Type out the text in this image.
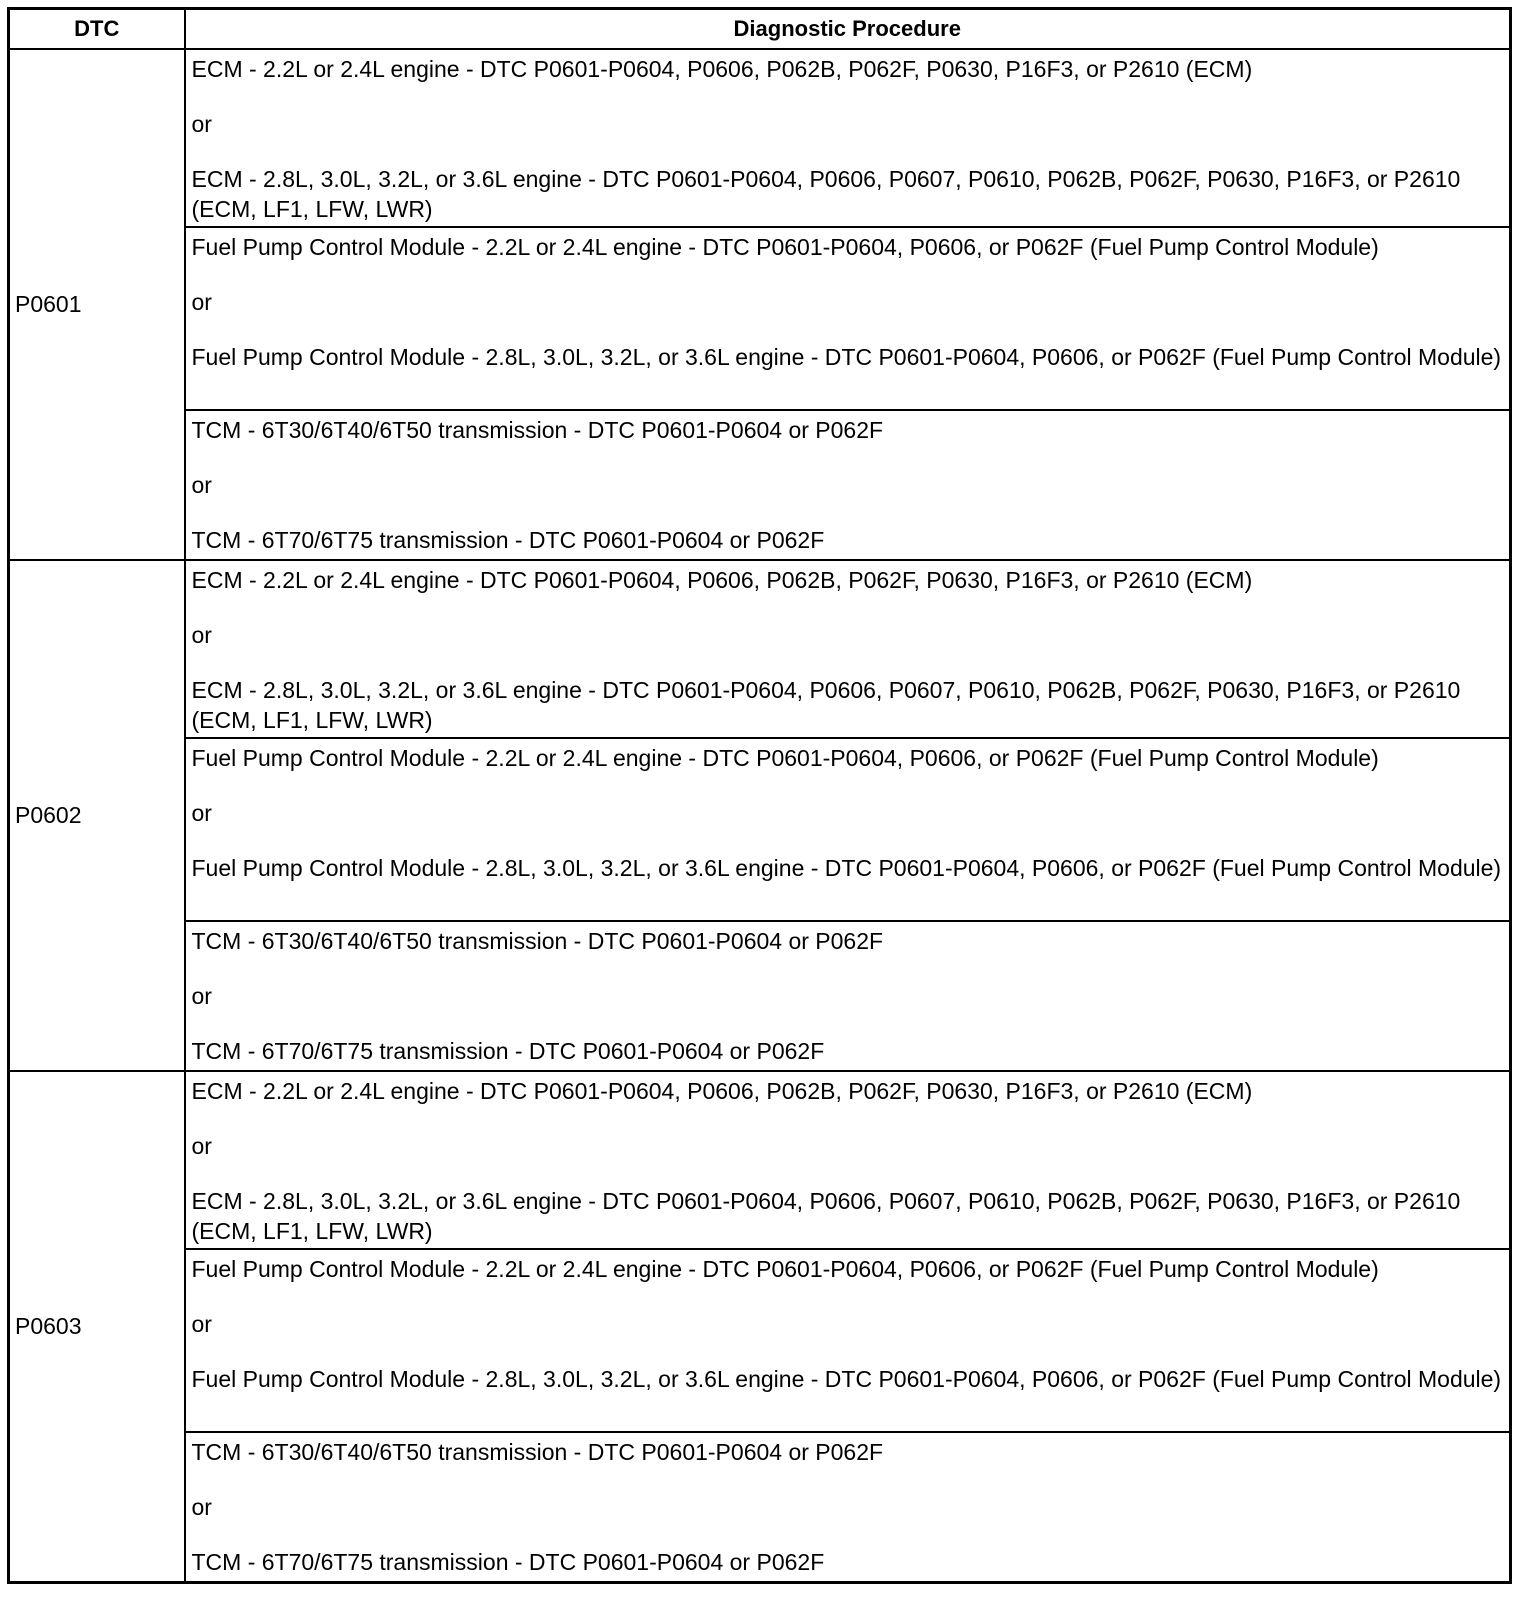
DTC	Diagnostic Procedure
P0601	ECM - 2.2L or 2.4L engine - DTC P0601-P0604, P0606, P062B, P062F, P0630, P16F3, or P2610 (ECM)

or

ECM - 2.8L, 3.0L, 3.2L, or 3.6L engine - DTC P0601-P0604, P0606, P0607, P0610, P062B, P062F, P0630, P16F3, or P2610 (ECM, LF1, LFW, LWR)

	Fuel Pump Control Module - 2.2L or 2.4L engine - DTC P0601-P0604, P0606, or P062F (Fuel Pump Control Module)

or

Fuel Pump Control Module - 2.8L, 3.0L, 3.2L, or 3.6L engine - DTC P0601-P0604, P0606, or P062F (Fuel Pump Control Module)

	TCM - 6T30/6T40/6T50 transmission - DTC P0601-P0604 or P062F

or

TCM - 6T70/6T75 transmission - DTC P0601-P0604 or P062F

P0602	ECM - 2.2L or 2.4L engine - DTC P0601-P0604, P0606, P062B, P062F, P0630, P16F3, or P2610 (ECM)

or

ECM - 2.8L, 3.0L, 3.2L, or 3.6L engine - DTC P0601-P0604, P0606, P0607, P0610, P062B, P062F, P0630, P16F3, or P2610 (ECM, LF1, LFW, LWR)

	Fuel Pump Control Module - 2.2L or 2.4L engine - DTC P0601-P0604, P0606, or P062F (Fuel Pump Control Module)

or

Fuel Pump Control Module - 2.8L, 3.0L, 3.2L, or 3.6L engine - DTC P0601-P0604, P0606, or P062F (Fuel Pump Control Module)

	TCM - 6T30/6T40/6T50 transmission - DTC P0601-P0604 or P062F

or

TCM - 6T70/6T75 transmission - DTC P0601-P0604 or P062F

P0603	ECM - 2.2L or 2.4L engine - DTC P0601-P0604, P0606, P062B, P062F, P0630, P16F3, or P2610 (ECM)

or

ECM - 2.8L, 3.0L, 3.2L, or 3.6L engine - DTC P0601-P0604, P0606, P0607, P0610, P062B, P062F, P0630, P16F3, or P2610 (ECM, LF1, LFW, LWR)

	Fuel Pump Control Module - 2.2L or 2.4L engine - DTC P0601-P0604, P0606, or P062F (Fuel Pump Control Module)

or

Fuel Pump Control Module - 2.8L, 3.0L, 3.2L, or 3.6L engine - DTC P0601-P0604, P0606, or P062F (Fuel Pump Control Module)

	TCM - 6T30/6T40/6T50 transmission - DTC P0601-P0604 or P062F

or

TCM - 6T70/6T75 transmission - DTC P0601-P0604 or P062F
